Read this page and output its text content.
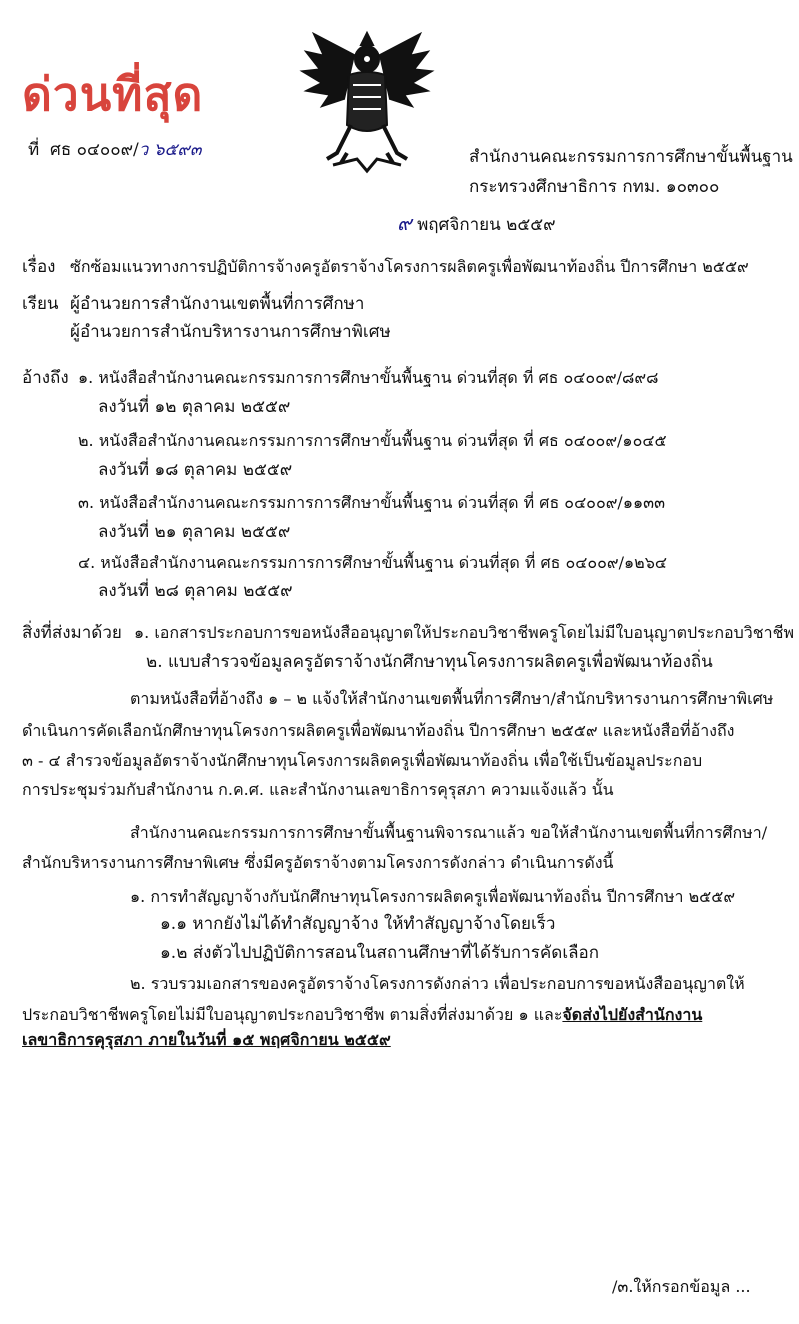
ด่วนที่สุด
ที่ ศธ ๐๔๐๐๙/ว ๖๕๙๓	สำนักงานคณะกรรมการการศึกษาขั้นพื้นฐาน
กระทรวงศึกษาธิการ กทม. ๑๐๓๐๐
๙ พฤศจิกายน ๒๕๕๙
เรื่อง ซักซ้อมแนวทางการปฏิบัติการจ้างครูอัตราจ้างโครงการผลิตครูเพื่อพัฒนาท้องถิ่น ปีการศึกษา ๒๕๕๙
เรียน ผู้อำนวยการสำนักงานเขตพื้นที่การศึกษา
ผู้อำนวยการสำนักบริหารงานการศึกษาพิเศษ
อ้างถึง ๑. หนังสือสำนักงานคณะกรรมการการศึกษาขั้นพื้นฐาน ด่วนที่สุด ที่ ศธ ๐๔๐๐๙/๘๙๘
ลงวันที่ ๑๒ ตุลาคม ๒๕๕๙
๒. หนังสือสำนักงานคณะกรรมการการศึกษาขั้นพื้นฐาน ด่วนที่สุด ที่ ศธ ๐๔๐๐๙/๑๐๔๕
ลงวันที่ ๑๘ ตุลาคม ๒๕๕๙
๓. หนังสือสำนักงานคณะกรรมการการศึกษาขั้นพื้นฐาน ด่วนที่สุด ที่ ศธ ๐๔๐๐๙/๑๑๓๓
ลงวันที่ ๒๑ ตุลาคม ๒๕๕๙
๔. หนังสือสำนักงานคณะกรรมการการศึกษาขั้นพื้นฐาน ด่วนที่สุด ที่ ศธ ๐๔๐๐๙/๑๒๖๔
ลงวันที่ ๒๘ ตุลาคม ๒๕๕๙
สิ่งที่ส่งมาด้วย ๑. เอกสารประกอบการขอหนังสืออนุญาตให้ประกอบวิชาชีพครูโดยไม่มีใบอนุญาตประกอบวิชาชีพ
๒. แบบสำรวจข้อมูลครูอัตราจ้างนักศึกษาทุนโครงการผลิตครูเพื่อพัฒนาท้องถิ่น
ตามหนังสือที่อ้างถึง ๑ – ๒ แจ้งให้สำนักงานเขตพื้นที่การศึกษา/สำนักบริหารงานการศึกษาพิเศษ
ดำเนินการคัดเลือกนักศึกษาทุนโครงการผลิตครูเพื่อพัฒนาท้องถิ่น ปีการศึกษา ๒๕๕๙ และหนังสือที่อ้างถึง
๓ - ๔ สำรวจข้อมูลอัตราจ้างนักศึกษาทุนโครงการผลิตครูเพื่อพัฒนาท้องถิ่น เพื่อใช้เป็นข้อมูลประกอบ
การประชุมร่วมกับสำนักงาน ก.ค.ศ. และสำนักงานเลขาธิการคุรุสภา ความแจ้งแล้ว นั้น
สำนักงานคณะกรรมการการศึกษาขั้นพื้นฐานพิจารณาแล้ว ขอให้สำนักงานเขตพื้นที่การศึกษา/
สำนักบริหารงานการศึกษาพิเศษ ซึ่งมีครูอัตราจ้างตามโครงการดังกล่าว ดำเนินการดังนี้
๑. การทำสัญญาจ้างกับนักศึกษาทุนโครงการผลิตครูเพื่อพัฒนาท้องถิ่น ปีการศึกษา ๒๕๕๙
๑.๑ หากยังไม่ได้ทำสัญญาจ้าง ให้ทำสัญญาจ้างโดยเร็ว
๑.๒ ส่งตัวไปปฏิบัติการสอนในสถานศึกษาที่ได้รับการคัดเลือก
๒. รวบรวมเอกสารของครูอัตราจ้างโครงการดังกล่าว เพื่อประกอบการขอหนังสืออนุญาตให้
ประกอบวิชาชีพครูโดยไม่มีใบอนุญาตประกอบวิชาชีพ ตามสิ่งที่ส่งมาด้วย ๑ และจัดส่งไปยังสำนักงาน
เลขาธิการคุรุสภา ภายในวันที่ ๑๕ พฤศจิกายน ๒๕๕๙
/๓.ให้กรอกข้อมูล ...
